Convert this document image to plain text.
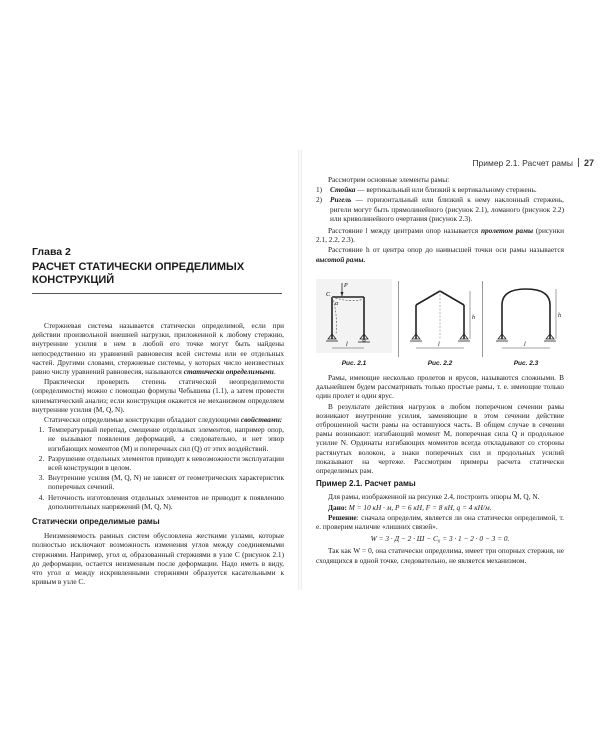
Глава 2
РАСЧЕТ СТАТИЧЕСКИ ОПРЕДЕЛИМЫХ КОНСТРУКЦИЙ

Стержневая система называется статически определимой, если при действии произвольной внешней нагрузки, приложенной к любому стержню, внутренние усилия в нем в любой его точке могут быть найдены непосредственно из уравнений равновесия всей системы или ее отдельных частей. Другими словами, стержневые системы, у которых число неизвестных равно числу уравнений равновесия, называются статически определимыми.

Практически проверить степень статической неопределимости (определимости) можно с помощью формулы Чебышева (1.1), а затем провести кинематический анализ; если конструкция окажется не механизмом определяем внутренние усилия (M, Q, N).

Статически определимые конструкции обладают следующими свойствами:

1. Температурный перепад, смещение отдельных элементов, например опор, не вызывают появления деформаций, а следовательно, и нет эпюр изгибающих моментов (M) и поперечных сил (Q) от этих воздействий.
2. Разрушение отдельных элементов приводит к невозможности эксплуатации всей конструкции в целом.
3. Внутренние усилия (M, Q, N) не зависят от геометрических характеристик поперечных сечений.
4. Неточность изготовления отдельных элементов не приводит к появлению дополнительных напряжений (M, Q, N).
Статически определимые рамы

Неизменяемость рамных систем обусловлена жесткими узлами, которые полностью исключают возможность изменения углов между соединяемыми стержнями. Например, угол α, образованный стержнями в узле C (рисунок 2.1) до деформации, остается неизменным после деформации. Надо иметь в виду, что угол α между искривленными стержнями образуется касательными к кривым в узле C.

Пример 2.1. Расчет рамы 27

Рассмотрим основные элементы рамы:

1)	Стойка — вертикальный или близкий к вертикальному стержень.
2)	Ригель — горизонтальный или близкий к нему наклонный стержень, ригели могут быть прямолинейного (рисунок 2.1), ломаного (рисунок 2.2) или криволинейного очертания (рисунок 2.3).

Расстояние l между центрами опор называется пролетом рамы (рисунки 2.1, 2.2, 2.3).

Расстояние h от центра опор до наивысшей точки оси рамы называется высотой рамы.

P
C
α
l
Рис. 2.1
h
l
Рис. 2.2
h
l
Рис. 2.3

Рамы, имеющие несколько пролетов и ярусов, называются сложными. В дальнейшем будем рассматривать только простые рамы, т. е. имеющие только один пролет и один ярус.

В результате действия нагрузок в любом поперечном сечении рамы возникают внутренние усилия, заменяющие в этом сечении действие отброшенной части рамы на оставшуюся часть. В общем случае в сечении рамы возникают: изгибающий момент M, поперечная сила Q и продольное усилие N. Ординаты изгибающих моментов всегда откладывают со стороны растянутых волокон, а знаки поперечных сил и продольных усилий показывают на чертеже. Рассмотрим примеры расчета статически определимых рам.

Пример 2.1. Расчет рамы

Для рамы, изображенной на рисунке 2.4, построить эпюры M, Q, N.

Дано: M = 10 кН · м, P = 6 кН, F = 8 кН, q = 4 кН/м.

Решение: сначала определим, является ли она статически определимой, т. е. проверим наличие «лишних связей».

W = 3 · Д − 2 · Ш − С₀ = 3 · 1 − 2 · 0 − 3 = 0.

Так как W = 0, она статически определима, имеет три опорных стержня, не сходящихся в одной точке, следовательно, не является механизмом.
